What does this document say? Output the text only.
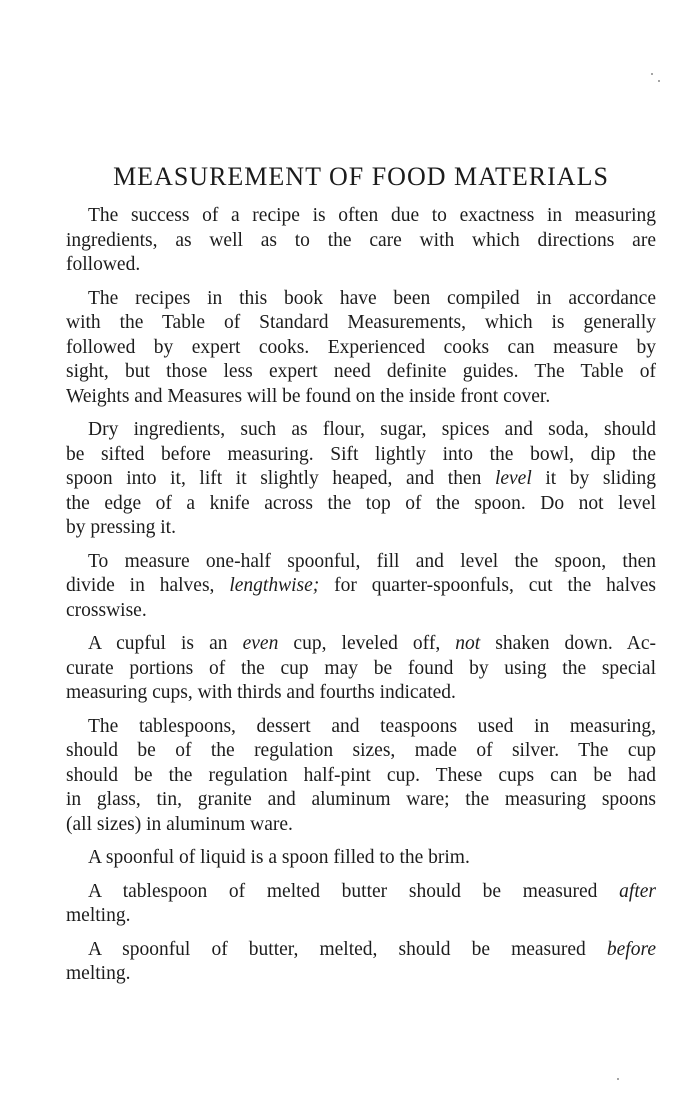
MEASUREMENT OF FOOD MATERIALS

The success of a recipe is often due to exactness in measuring
ingredients, as well as to the care with which directions are
followed.

The recipes in this book have been compiled in accordance
with the Table of Standard Measurements, which is generally
followed by expert cooks. Experienced cooks can measure by
sight, but those less expert need definite guides. The Table of
Weights and Measures will be found on the inside front cover.

Dry ingredients, such as flour, sugar, spices and soda, should
be sifted before measuring. Sift lightly into the bowl, dip the
spoon into it, lift it slightly heaped, and then level it by sliding
the edge of a knife across the top of the spoon. Do not level
by pressing it.

To measure one-half spoonful, fill and level the spoon, then
divide in halves, lengthwise; for quarter-spoonfuls, cut the halves
crosswise.

A cupful is an even cup, leveled off, not shaken down. Ac-
curate portions of the cup may be found by using the special
measuring cups, with thirds and fourths indicated.

The tablespoons, dessert and teaspoons used in measuring,
should be of the regulation sizes, made of silver. The cup
should be the regulation half-pint cup. These cups can be had
in glass, tin, granite and aluminum ware; the measuring spoons
(all sizes) in aluminum ware.

A spoonful of liquid is a spoon filled to the brim.

A tablespoon of melted butter should be measured after
melting.

A spoonful of butter, melted, should be measured before
melting.
